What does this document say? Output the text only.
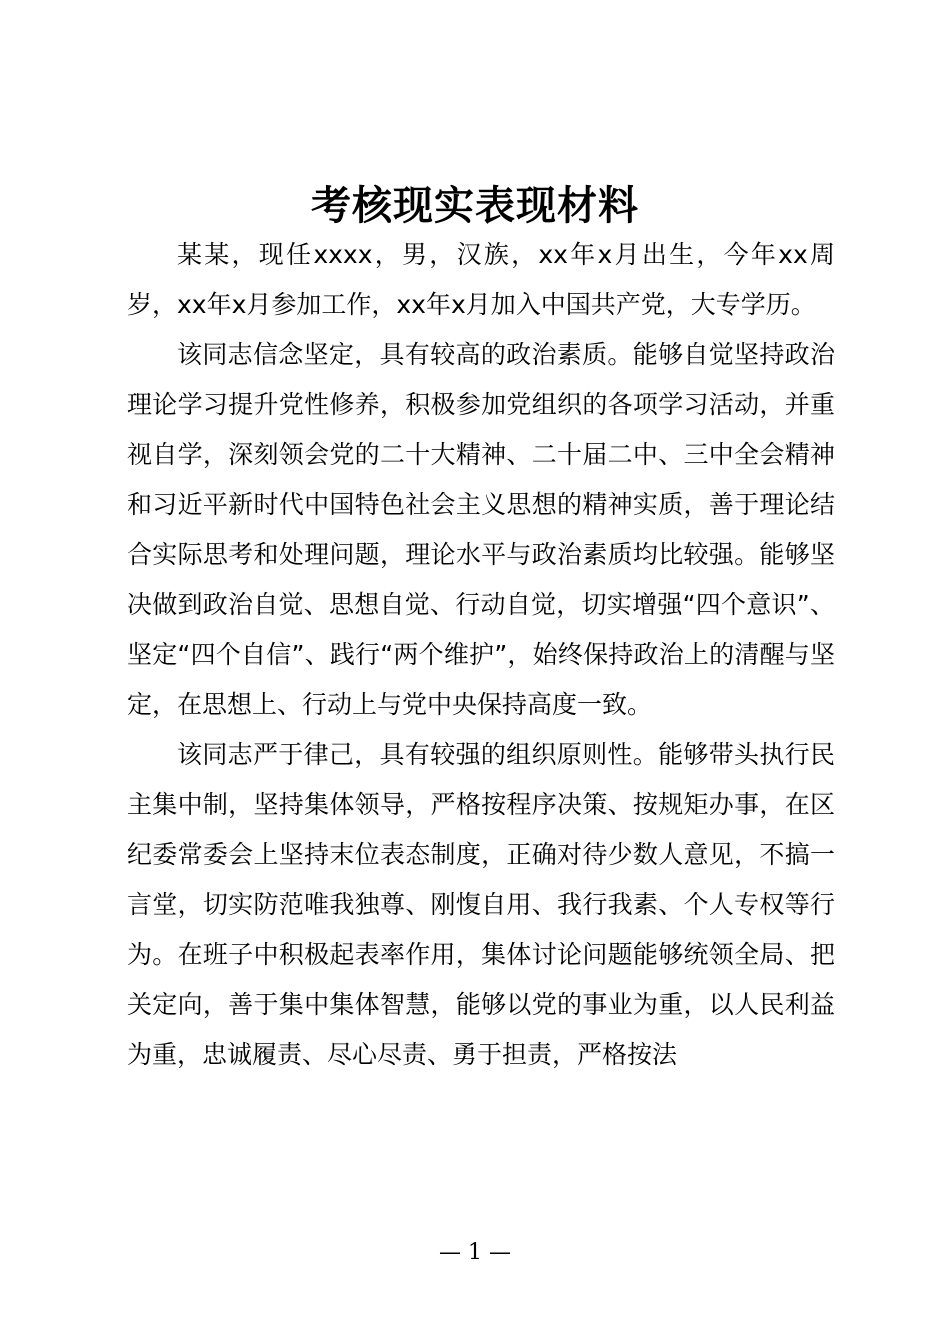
考核现实表现材料

某某，现任xxxx，男，汉族，xx年x月出生，今年xx周岁，xx年x月参加工作，xx年x月加入中国共产党，大专学历。

该同志信念坚定，具有较高的政治素质。能够自觉坚持政治理论学习提升党性修养，积极参加党组织的各项学习活动，并重视自学，深刻领会党的二十大精神、二十届二中、三中全会精神和习近平新时代中国特色社会主义思想的精神实质，善于理论结合实际思考和处理问题，理论水平与政治素质均比较强。能够坚决做到政治自觉、思想自觉、行动自觉，切实增强“四个意识”、坚定“四个自信”、践行“两个维护”，始终保持政治上的清醒与坚定，在思想上、行动上与党中央保持高度一致。

该同志严于律己，具有较强的组织原则性。能够带头执行民主集中制，坚持集体领导，严格按程序决策、按规矩办事，在区纪委常委会上坚持末位表态制度，正确对待少数人意见，不搞一言堂，切实防范唯我独尊、刚愎自用、我行我素、个人专权等行为。在班子中积极起表率作用，集体讨论问题能够统领全局、把关定向，善于集中集体智慧，能够以党的事业为重，以人民利益为重，忠诚履责、尽心尽责、勇于担责，严格按法

— 1 —
